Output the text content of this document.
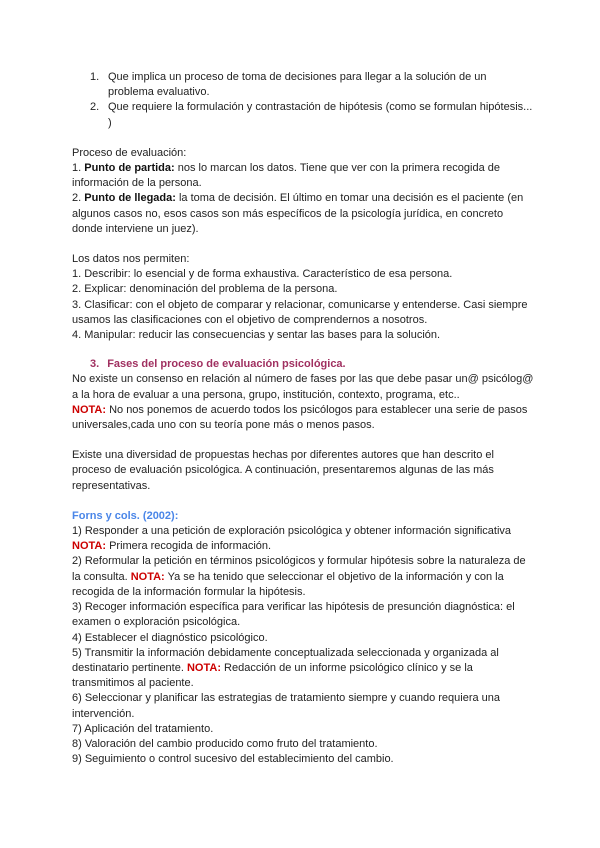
1. Que implica un proceso de toma de decisiones para llegar a la solución de un problema evaluativo.
2. Que requiere la formulación y contrastación de hipótesis (como se formulan hipótesis... )

Proceso de evaluación:

1. Punto de partida: nos lo marcan los datos. Tiene que ver con la primera recogida de información de la persona.

2. Punto de llegada: la toma de decisión. El último en tomar una decisión es el paciente (en algunos casos no, esos casos son más específicos de la psicología jurídica, en concreto donde interviene un juez).

Los datos nos permiten:

1. Describir: lo esencial y de forma exhaustiva. Característico de esa persona.

2. Explicar: denominación del problema de la persona.

3. Clasificar: con el objeto de comparar y relacionar, comunicarse y entenderse. Casi siempre usamos las clasificaciones con el objetivo de comprendernos a nosotros.

4. Manipular: reducir las consecuencias y sentar las bases para la solución.

3. Fases del proceso de evaluación psicológica.

No existe un consenso en relación al número de fases por las que debe pasar un@ psicólog@ a la hora de evaluar a una persona, grupo, institución, contexto, programa, etc..

NOTA: No nos ponemos de acuerdo todos los psicólogos para establecer una serie de pasos universales,cada uno con su teoría pone más o menos pasos.

Existe una diversidad de propuestas hechas por diferentes autores que han descrito el proceso de evaluación psicológica. A continuación, presentaremos algunas de las más representativas.

Forns y cols. (2002):

1) Responder a una petición de exploración psicológica y obtener información significativa

NOTA: Primera recogida de información.

2) Reformular la petición en términos psicológicos y formular hipótesis sobre la naturaleza de la consulta. NOTA: Ya se ha tenido que seleccionar el objetivo de la información y con la recogida de la información formular la hipótesis.

3) Recoger información específica para verificar las hipótesis de presunción diagnóstica: el examen o exploración psicológica.

4) Establecer el diagnóstico psicológico.

5) Transmitir la información debidamente conceptualizada seleccionada y organizada al destinatario pertinente. NOTA: Redacción de un informe psicológico clínico y se la transmitimos al paciente.

6) Seleccionar y planificar las estrategias de tratamiento siempre y cuando requiera una intervención.

7) Aplicación del tratamiento.

8) Valoración del cambio producido como fruto del tratamiento.

9) Seguimiento o control sucesivo del establecimiento del cambio.
